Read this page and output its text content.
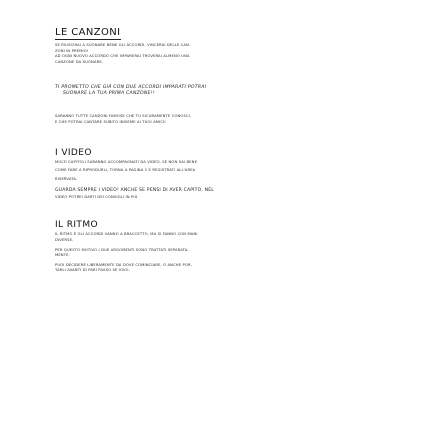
LE CANZONI

SE RIUSCIRAI A SUONARE BENE GLI ACCORDI, VINCERAI DELLE CAN-

ZONI IN PREMIO!

AD OGNI NUOVO ACCORDO CHE IMPARERAI TROVERAI ALMENO UNA

CANZONE DA SUONARE.

TI PROMETTO CHE GIÀ CON DUE ACCORDI IMPARATI POTRAI

SUONARE LA TUA PRIMA CANZONE!!

SARANNO TUTTE CANZONI FAMOSE CHE TU SICURAMENTE CONOSCI,

E CHE POTRAI CANTARE SUBITO INSIEME AI TUOI AMICI!

I VIDEO

MOLTI CAPITOLI SARANNO ACCOMPAGNATI DA VIDEO. SE NON SAI BENE

COME FARE A RIPRODURLI, TORNA A PAGINA 2 E REGISTRATI ALL'AREA

RISERVATA.

GUARDA SEMPRE I VIDEO! ANCHE SE PENSI DI AVER CAPITO, NEL

VIDEO POTREI DARTI DEI CONSIGLI IN PIÙ

IL RITMO

IL RITMO È GLI ACCORDI VANNO A BRACCETTO, MA SI FANNO CON MANI

DIVERSE.

PER QUESTO MOTIVO I DUE ARGOMENTI SONO TRATTATI SEPARATA-

MENTE.

PUOI DECIDERE LIBERAMENTE DA DOVE COMINCIARE, O ANCHE POR-

TARLI AVANTI DI PARI PASSO SE VUOI.
